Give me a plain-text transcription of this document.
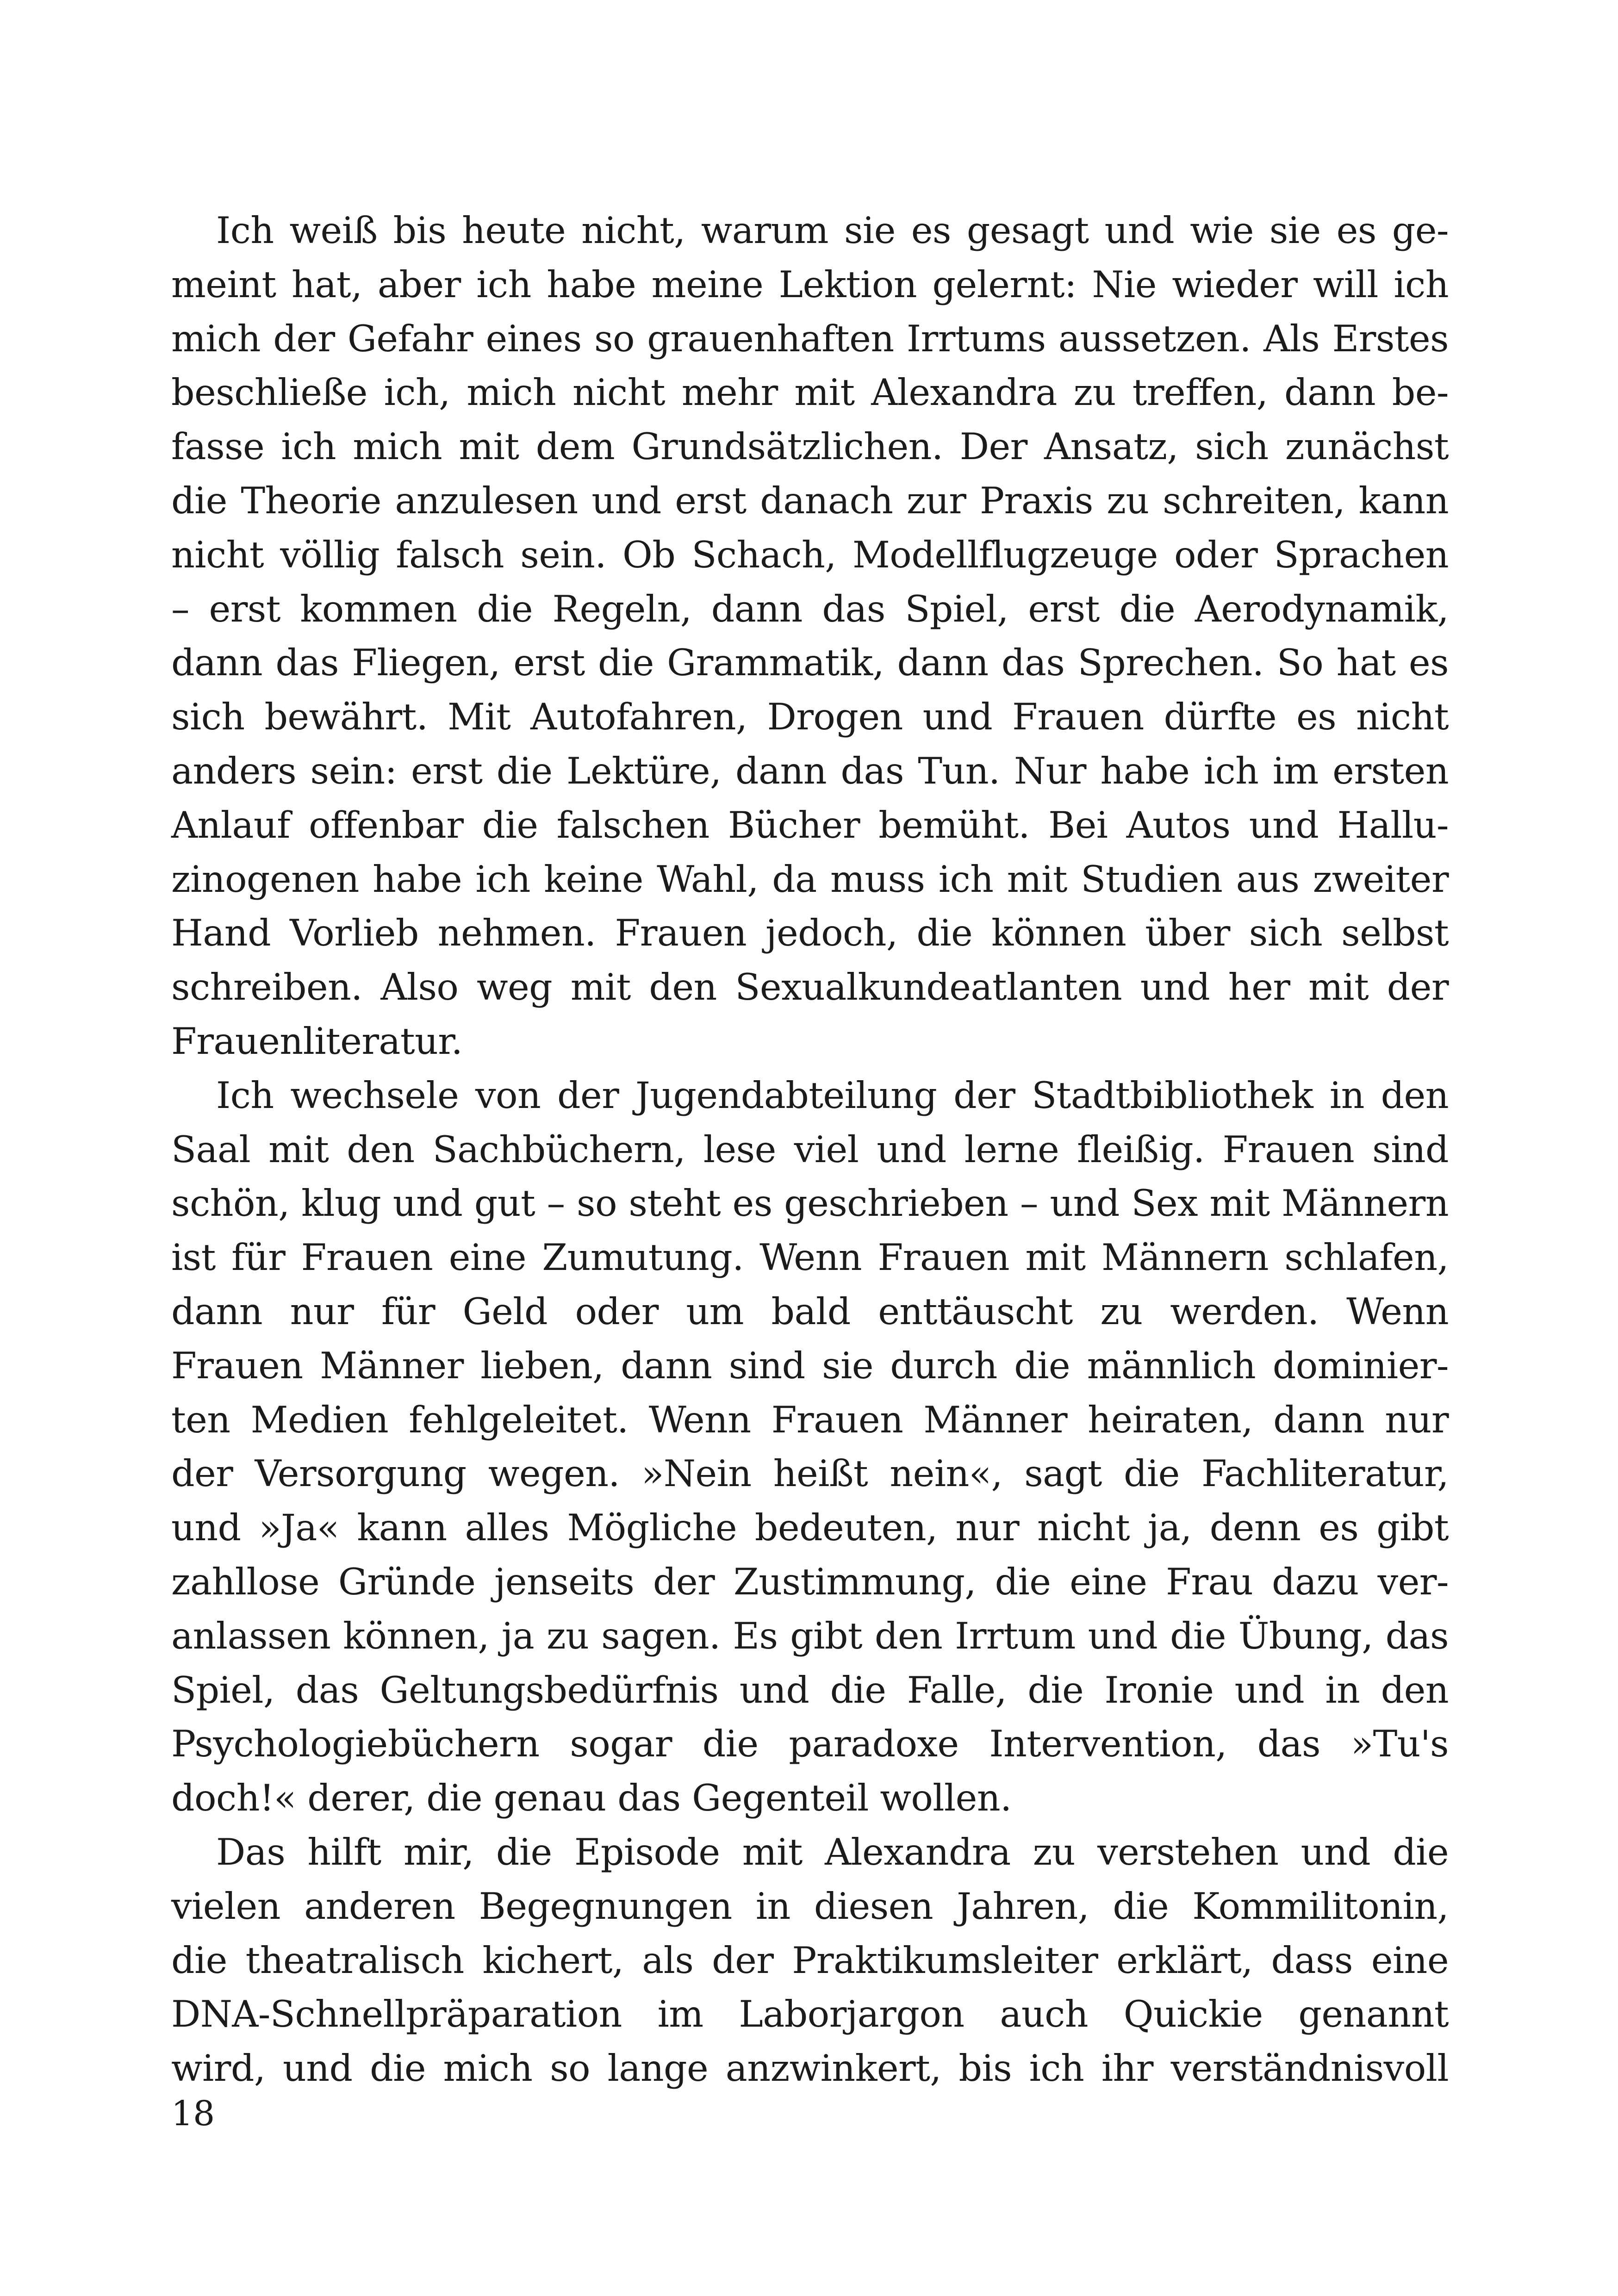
Ich weiß bis heute nicht, warum sie es gesagt und wie sie es ge-
meint hat, aber ich habe meine Lektion gelernt: Nie wieder will ich
mich der Gefahr eines so grauenhaften Irrtums aussetzen. Als Erstes
beschließe ich, mich nicht mehr mit Alexandra zu treffen, dann be-
fasse ich mich mit dem Grundsätzlichen. Der Ansatz, sich zunächst
die Theorie anzulesen und erst danach zur Praxis zu schreiten, kann
nicht völlig falsch sein. Ob Schach, Modellflugzeuge oder Sprachen
– erst kommen die Regeln, dann das Spiel, erst die Aerodynamik,
dann das Fliegen, erst die Grammatik, dann das Sprechen. So hat es
sich bewährt. Mit Autofahren, Drogen und Frauen dürfte es nicht
anders sein: erst die Lektüre, dann das Tun. Nur habe ich im ersten
Anlauf offenbar die falschen Bücher bemüht. Bei Autos und Hallu-
zinogenen habe ich keine Wahl, da muss ich mit Studien aus zweiter
Hand Vorlieb nehmen. Frauen jedoch, die können über sich selbst
schreiben. Also weg mit den Sexualkundeatlanten und her mit der
Frauenliteratur.
Ich wechsele von der Jugendabteilung der Stadtbibliothek in den
Saal mit den Sachbüchern, lese viel und lerne fleißig. Frauen sind
schön, klug und gut – so steht es geschrieben – und Sex mit Männern
ist für Frauen eine Zumutung. Wenn Frauen mit Männern schlafen,
dann nur für Geld oder um bald enttäuscht zu werden. Wenn
Frauen Männer lieben, dann sind sie durch die männlich dominier-
ten Medien fehlgeleitet. Wenn Frauen Männer heiraten, dann nur
der Versorgung wegen. »Nein heißt nein«, sagt die Fachliteratur,
und »Ja« kann alles Mögliche bedeuten, nur nicht ja, denn es gibt
zahllose Gründe jenseits der Zustimmung, die eine Frau dazu ver-
anlassen können, ja zu sagen. Es gibt den Irrtum und die Übung, das
Spiel, das Geltungsbedürfnis und die Falle, die Ironie und in den
Psychologiebüchern sogar die paradoxe Intervention, das »Tu's
doch!« derer, die genau das Gegenteil wollen.
Das hilft mir, die Episode mit Alexandra zu verstehen und die
vielen anderen Begegnungen in diesen Jahren, die Kommilitonin,
die theatralisch kichert, als der Praktikumsleiter erklärt, dass eine
DNA-Schnellpräparation im Laborjargon auch Quickie genannt
wird, und die mich so lange anzwinkert, bis ich ihr verständnisvoll
18
